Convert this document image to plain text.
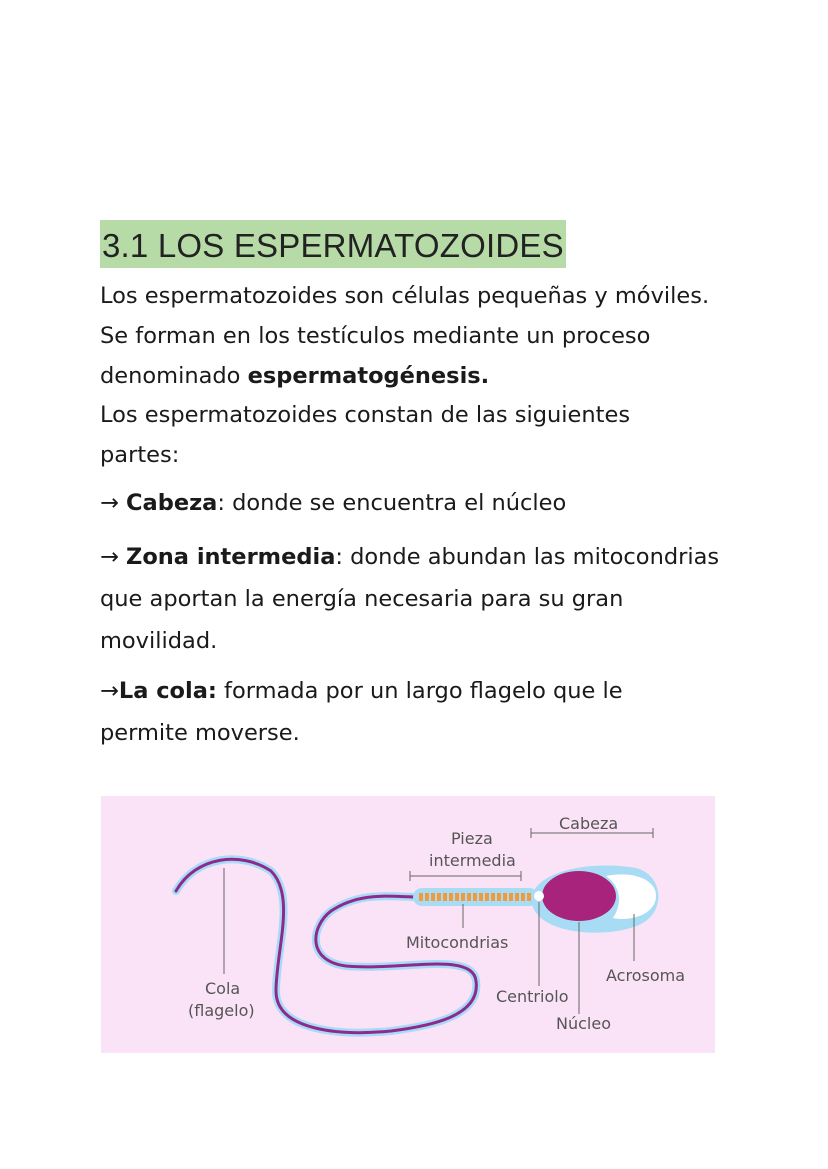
3.1 LOS ESPERMATOZOIDES

Los espermatozoides son células pequeñas y móviles.
Se forman en los testículos mediante un proceso
denominado espermatogénesis.

Los espermatozoides constan de las siguientes
partes:

→ Cabeza: donde se encuentra el núcleo

→ Zona intermedia: donde abundan las mitocondrias
que aportan la energía necesaria para su gran
movilidad.

→La cola: formada por un largo flagelo que le
permite moverse.

Cabeza
Pieza
intermedia
Mitocondrias
Cola
(flagelo)
Centriolo
Acrosoma
Núcleo
